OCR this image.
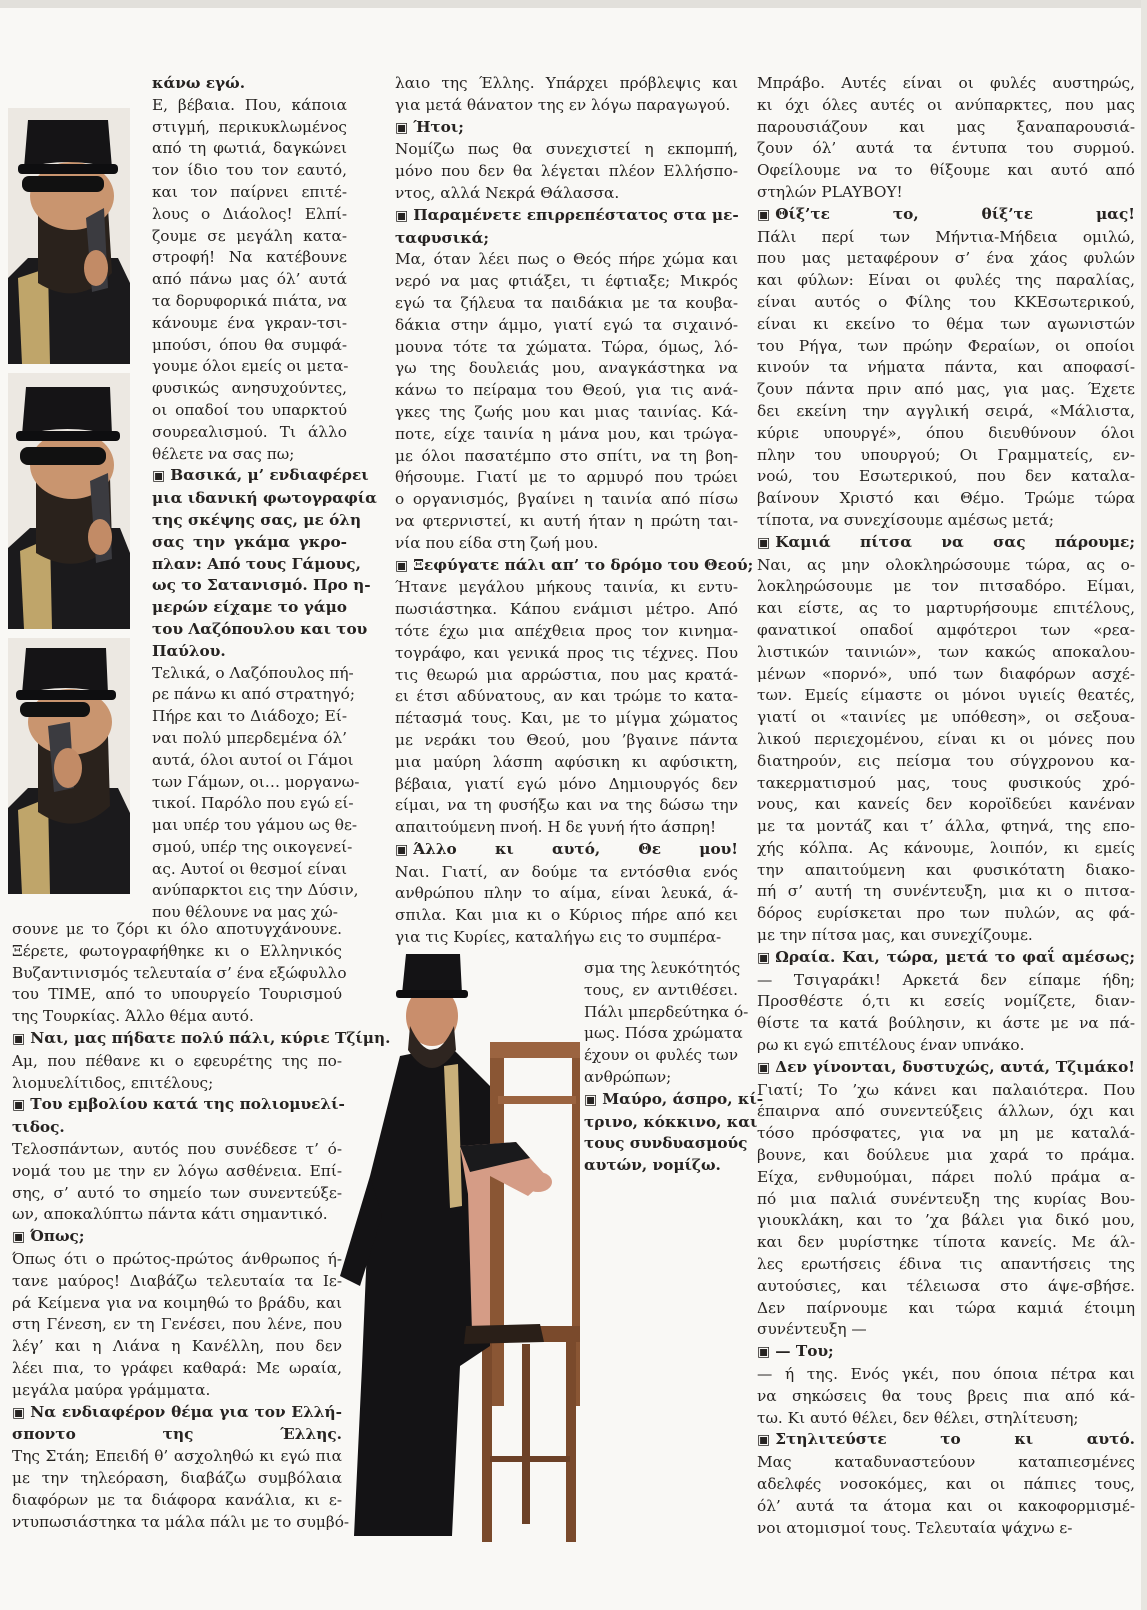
κάνω εγώ.
Ε, βέβαια. Που, κάποια
στιγμή, περικυκλωμένος
από τη φωτιά, δαγκώνει
τον ίδιο του τον εαυτό,
και τον παίρνει επιτέ-
λους ο Διάολος! Ελπί-
ζουμε σε μεγάλη κατα-
στροφή! Να κατέβουνε
από πάνω μας όλ’ αυτά
τα δορυφορικά πιάτα, να
κάνουμε ένα γκραν-τσι-
μπούσι, όπου θα συμφά-
γουμε όλοι εμείς οι μετα-
φυσικώς ανησυχούντες,
οι οπαδοί του υπαρκτού
σουρεαλισμού. Τι άλλο
θέλετε να σας πω;
▣ Βασικά, μ’ ενδιαφέρει
μια ιδανική φωτογραφία
της σκέψης σας, με όλη
σας την γκάμα γκρο-
πλαν: Από τους Γάμους,
ως το Σατανισμό. Προ η-
μερών είχαμε το γάμο
του Λαζόπουλου και του
Παύλου.
Τελικά, ο Λαζόπουλος πή-
ρε πάνω κι από στρατηγό;
Πήρε και το Διάδοχο; Εί-
ναι πολύ μπερδεμένα όλ’
αυτά, όλοι αυτοί οι Γάμοι
των Γάμων, οι… μοργανω-
τικοί. Παρόλο που εγώ εί-
μαι υπέρ του γάμου ως θε-
σμού, υπέρ της οικογενεί-
ας. Αυτοί οι θεσμοί είναι
ανύπαρκτοι εις την Δύσιν,
που θέλουνε να μας χώ-
σουνε με το ζόρι κι όλο αποτυγχάνουνε.
Ξέρετε, φωτογραφήθηκε κι ο Ελληνικός
Βυζαντινισμός τελευταία σ’ ένα εξώφυλλο
του TIME, από το υπουργείο Τουρισμού
της Τουρκίας. Άλλο θέμα αυτό.
▣ Ναι, μας πήδατε πολύ πάλι, κύριε Τζίμη.
Αμ, που πέθανε κι ο εφευρέτης της πο-
λιομυελίτιδος, επιτέλους;
▣ Του εμβολίου κατά της πολιομυελί-
τιδος.
Τελοσπάντων, αυτός που συνέδεσε τ’ ό-
νομά του με την εν λόγω ασθένεια. Επί-
σης, σ’ αυτό το σημείο των συνεντεύξε-
ων, αποκαλύπτω πάντα κάτι σημαντικό.
▣ Όπως;
Όπως ότι ο πρώτος-πρώτος άνθρωπος ή-
τανε μαύρος! Διαβάζω τελευταία τα Ιε-
ρά Κείμενα για να κοιμηθώ το βράδυ, και
στη Γένεση, εν τη Γενέσει, που λένε, που
λέγ’ και η Λιάνα η Κανέλλη, που δεν
λέει πια, το γράφει καθαρά: Με ωραία,
μεγάλα μαύρα γράμματα.
▣ Να ενδιαφέρον θέμα για τον Ελλή-
σποντο της Έλλης.
Της Στάη; Επειδή θ’ ασχοληθώ κι εγώ πια
με την τηλεόραση, διαβάζω συμβόλαια
διαφόρων με τα διάφορα κανάλια, κι ε-
ντυπωσιάστηκα τα μάλα πάλι με το συμβό-
λαιο της Έλλης. Υπάρχει πρόβλεψις και
για μετά θάνατον της εν λόγω παραγωγού.
▣ Ήτοι;
Νομίζω πως θα συνεχιστεί η εκπομπή,
μόνο που δεν θα λέγεται πλέον Ελλήσπο-
ντος, αλλά Νεκρά Θάλασσα.
▣ Παραμένετε επιρρεπέστατος στα με-
ταφυσικά;
Μα, όταν λέει πως ο Θεός πήρε χώμα και
νερό να μας φτιάξει, τι έφτιαξε; Μικρός
εγώ τα ζήλευα τα παιδάκια με τα κουβα-
δάκια στην άμμο, γιατί εγώ τα σιχαινό-
μουνα τότε τα χώματα. Τώρα, όμως, λό-
γω της δουλειάς μου, αναγκάστηκα να
κάνω το πείραμα του Θεού, για τις ανά-
γκες της ζωής μου και μιας ταινίας. Κά-
ποτε, είχε ταινία η μάνα μου, και τρώγα-
με όλοι πασατέμπο στο σπίτι, να τη βοη-
θήσουμε. Γιατί με το αρμυρό που τρώει
ο οργανισμός, βγαίνει η ταινία από πίσω
να φτερνιστεί, κι αυτή ήταν η πρώτη ται-
νία που είδα στη ζωή μου.
▣ Ξεφύγατε πάλι απ’ το δρόμο του Θεού;
Ήτανε μεγάλου μήκους ταινία, κι εντυ-
πωσιάστηκα. Κάπου ενάμισι μέτρο. Από
τότε έχω μια απέχθεια προς τον κινημα-
τογράφο, και γενικά προς τις τέχνες. Που
τις θεωρώ μια αρρώστια, που μας κρατά-
ει έτσι αδύνατους, αν και τρώμε το κατα-
πέτασμά τους. Και, με το μίγμα χώματος
με νεράκι του Θεού, μου ’βγαινε πάντα
μια μαύρη λάσπη αφύσικη κι αφύσικτη,
βέβαια, γιατί εγώ μόνο Δημιουργός δεν
είμαι, να τη φυσήξω και να της δώσω την
απαιτούμενη πνοή. Η δε γυνή ήτο άσπρη!
▣ Άλλο κι αυτό, Θε μου!
Ναι. Γιατί, αν δούμε τα εντόσθια ενός
ανθρώπου πλην το αίμα, είναι λευκά, ά-
σπιλα. Και μια κι ο Κύριος πήρε από κει
για τις Κυρίες, καταλήγω εις το συμπέρα-
σμα της λευκότητός
τους, εν αντιθέσει.
Πάλι μπερδεύτηκα ό-
μως. Πόσα χρώματα
έχουν οι φυλές των
ανθρώπων;
▣ Μαύρο, άσπρο, κί-
τρινο, κόκκινο, και
τους συνδυασμούς
αυτών, νομίζω.
Μπράβο. Αυτές είναι οι φυλές αυστηρώς,
κι όχι όλες αυτές οι ανύπαρκτες, που μας
παρουσιάζουν και μας ξαναπαρουσιά-
ζουν όλ’ αυτά τα έντυπα του συρμού.
Οφείλουμε να το θίξουμε και αυτό από
στηλών PLAYBOY!
▣ Θίξ’τε το, θίξ’τε μας!
Πάλι περί των Μήντια-Μήδεια ομιλώ,
που μας μεταφέρουν σ’ ένα χάος φυλών
και φύλων: Είναι οι φυλές της παραλίας,
είναι αυτός ο Φίλης του ΚΚΕσωτερικού,
είναι κι εκείνο το θέμα των αγωνιστών
του Ρήγα, των πρώην Φεραίων, οι οποίοι
κινούν τα νήματα πάντα, και αποφασί-
ζουν πάντα πριν από μας, για μας. Έχετε
δει εκείνη την αγγλική σειρά, «Μάλιστα,
κύριε υπουργέ», όπου διευθύνουν όλοι
πλην του υπουργού; Οι Γραμματείς, εν-
νοώ, του Εσωτερικού, που δεν καταλα-
βαίνουν Χριστό και Θέμο. Τρώμε τώρα
τίποτα, να συνεχίσουμε αμέσως μετά;
▣ Καμιά πίτσα να σας πάρουμε;
Ναι, ας μην ολοκληρώσουμε τώρα, ας ο-
λοκληρώσουμε με τον πιτσαδόρο. Είμαι,
και είστε, ας το μαρτυρήσουμε επιτέλους,
φανατικοί οπαδοί αμφότεροι των «ρεα-
λιστικών ταινιών», των κακώς αποκαλου-
μένων «πορνό», υπό των διαφόρων ασχέ-
των. Εμείς είμαστε οι μόνοι υγιείς θεατές,
γιατί οι «ταινίες με υπόθεση», οι σεξουα-
λικού περιεχομένου, είναι κι οι μόνες που
διατηρούν, εις πείσμα του σύγχρονου κα-
τακερματισμού μας, τους φυσικούς χρό-
νους, και κανείς δεν κοροϊδεύει κανέναν
με τα μοντάζ και τ’ άλλα, φτηνά, της επο-
χής κόλπα. Ας κάνουμε, λοιπόν, κι εμείς
την απαιτούμενη και φυσικότατη διακο-
πή σ’ αυτή τη συνέντευξη, μια κι ο πιτσα-
δόρος ευρίσκεται προ των πυλών, ας φά-
με την πίτσα μας, και συνεχίζουμε.
▣ Ωραία. Και, τώρα, μετά το φαΐ αμέσως;
— Τσιγαράκι! Αρκετά δεν είπαμε ήδη;
Προσθέστε ό,τι κι εσείς νομίζετε, διαν-
θίστε τα κατά βούλησιν, κι άστε με να πά-
ρω κι εγώ επιτέλους έναν υπνάκο.
▣ Δεν γίνονται, δυστυχώς, αυτά, Τζιμάκο!
Γιατί; Το ’χω κάνει και παλαιότερα. Που
έπαιρνα από συνεντεύξεις άλλων, όχι και
τόσο πρόσφατες, για να μη με καταλά-
βουνε, και δούλευε μια χαρά το πράμα.
Είχα, ενθυμούμαι, πάρει πολύ πράμα α-
πό μια παλιά συνέντευξη της κυρίας Βου-
γιουκλάκη, και το ’χα βάλει για δικό μου,
και δεν μυρίστηκε τίποτα κανείς. Με άλ-
λες ερωτήσεις έδινα τις απαντήσεις της
αυτούσιες, και τέλειωσα στο άψε-σβήσε.
Δεν παίρνουμε και τώρα καμιά έτοιμη
συνέντευξη —
▣ — Του;
— ή της. Ενός γκέι, που όποια πέτρα και
να σηκώσεις θα τους βρεις πια από κά-
τω. Κι αυτό θέλει, δεν θέλει, στηλίτευση;
▣ Στηλιτεύστε το κι αυτό.
Μας καταδυναστεύουν καταπιεσμένες
αδελφές νοσοκόμες, και οι πάπιες τους,
όλ’ αυτά τα άτομα και οι κακοφορμισμέ-
νοι ατομισμοί τους. Τελευταία ψάχνω ε-
